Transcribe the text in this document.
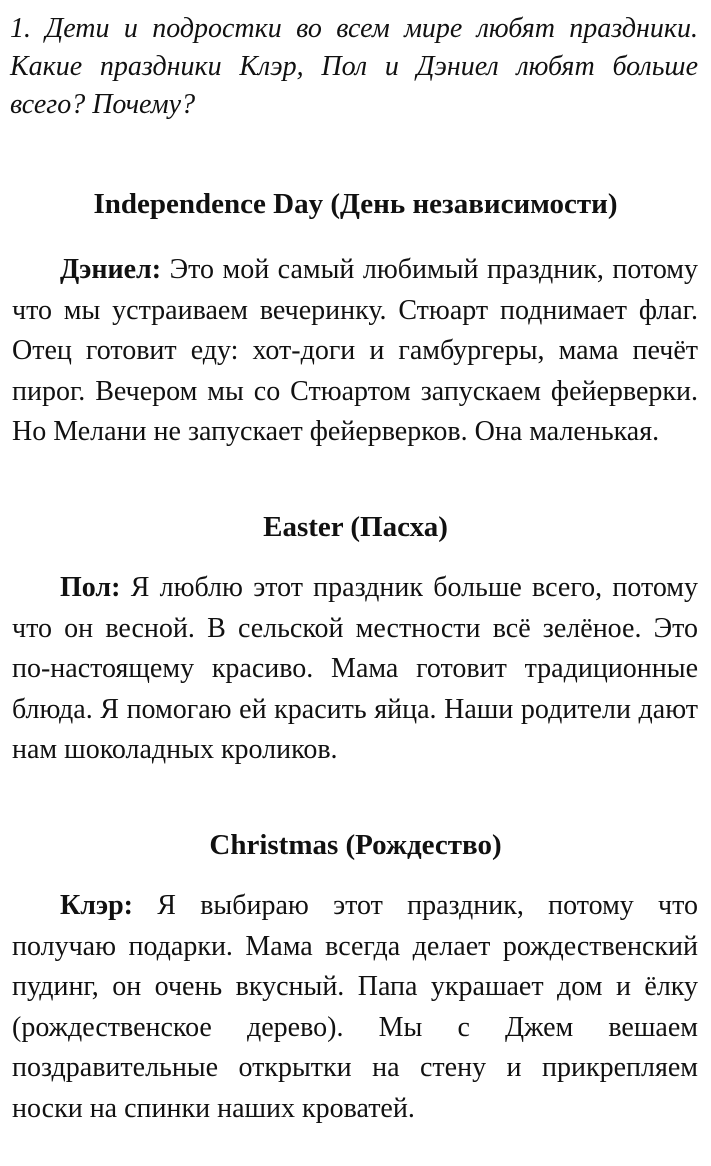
1. Дети и подростки во всем мире любят праздники. Какие праздники Клэр, Пол и Дэниел любят больше всего? Почему?
Independence Day (День независимости)
Дэниел: Это мой самый любимый праздник, потому что мы устраиваем вечеринку. Стюарт поднимает флаг. Отец готовит еду: хот-доги и гамбургеры, мама печёт пирог. Вечером мы со Стюартом запускаем фейерверки. Но Мелани не запускает фейерверков. Она маленькая.
Easter (Пасха)
Пол: Я люблю этот праздник больше всего, потому что он весной. В сельской местности всё зелёное. Это по-настоящему красиво. Мама готовит традиционные блюда. Я помогаю ей красить яйца. Наши родители дают нам шоколадных кроликов.
Christmas (Рождество)
Клэр: Я выбираю этот праздник, потому что получаю подарки. Мама всегда делает рождественский пудинг, он очень вкусный. Папа украшает дом и ёлку (рождественское дерево). Мы с Джем вешаем поздравительные открытки на стену и прикрепляем носки на спинки наших кроватей.
